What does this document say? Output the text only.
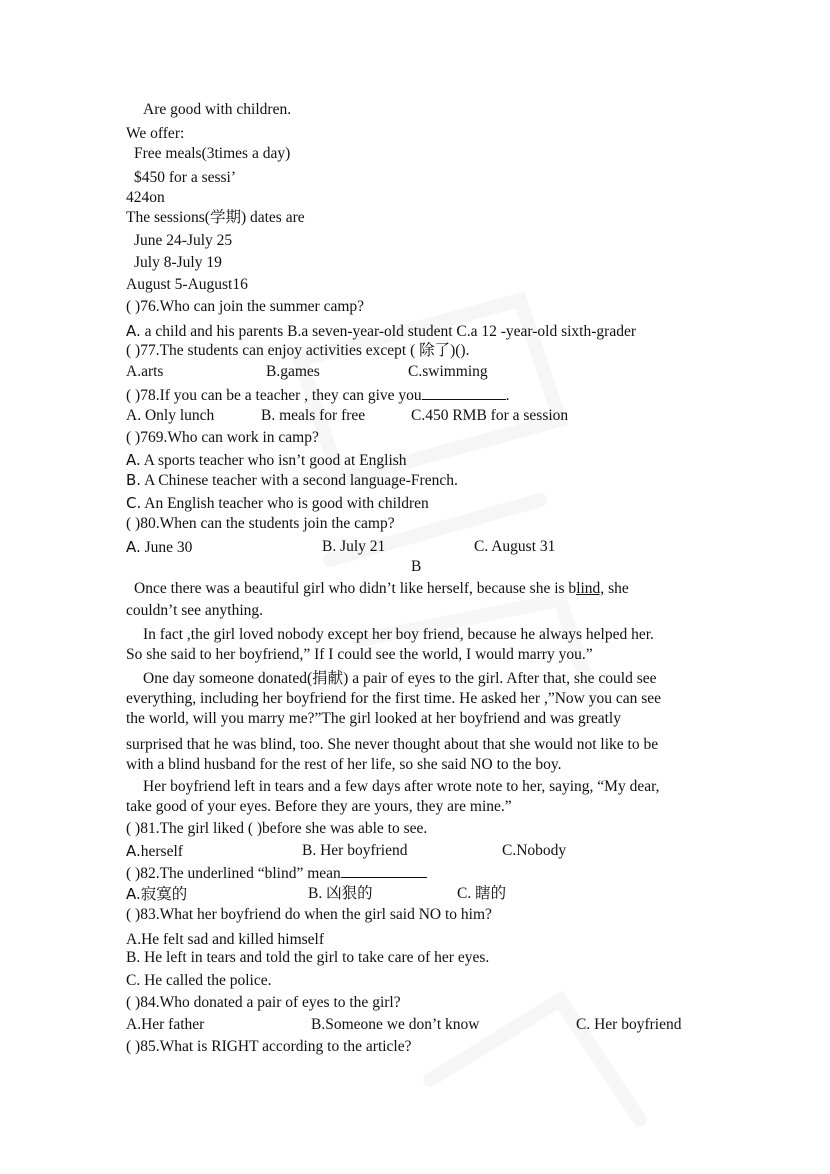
Are good with children.
We offer:
Free meals(3times a day)
$450 for a sessi’
424on
The sessions(学期) dates are
June 24-July 25
July 8-July 19
August 5-August16
( )76.Who can join the summer camp?
A. a child and his parents B.a seven-year-old student C.a 12 -year-old sixth-grader
( )77.The students can enjoy activities except ( 除了)().
A.arts	B.games	C.swimming
( )78.If you can be a teacher , they can give you	.
A. Only lunch	B. meals for free	C.450 RMB for a session
( )769.Who can work in camp?
A. A sports teacher who isn’t good at English
B. A Chinese teacher with a second language-French.
C. An English teacher who is good with children
( )80.When can the students join the camp?
A. June 30	B. July 21	C. August 31
B
Once there was a beautiful girl who didn’t like herself, because she is blind, she
couldn’t see anything.
In fact ,the girl loved nobody except her boy friend, because he always helped her.
So she said to her boyfriend,” If I could see the world, I would marry you.”
One day someone donated(捐献) a pair of eyes to the girl. After that, she could see
everything, including her boyfriend for the first time. He asked her ,”Now you can see
the world, will you marry me?”The girl looked at her boyfriend and was greatly
surprised that he was blind, too. She never thought about that she would not like to be
with a blind husband for the rest of her life, so she said NO to the boy.
Her boyfriend left in tears and a few days after wrote note to her, saying, “My dear,
take good of your eyes. Before they are yours, they are mine.”
( )81.The girl liked ( )before she was able to see.
A.herself	B. Her boyfriend	C.Nobody
( )82.The underlined “blind” mean
A.寂寞的	B. 凶狠的	C. 瞎的
( )83.What her boyfriend do when the girl said NO to him?
A.He felt sad and killed himself
B. He left in tears and told the girl to take care of her eyes.
C. He called the police.
( )84.Who donated a pair of eyes to the girl?
A.Her father	B.Someone we don’t know	C. Her boyfriend
( )85.What is RIGHT according to the article?
